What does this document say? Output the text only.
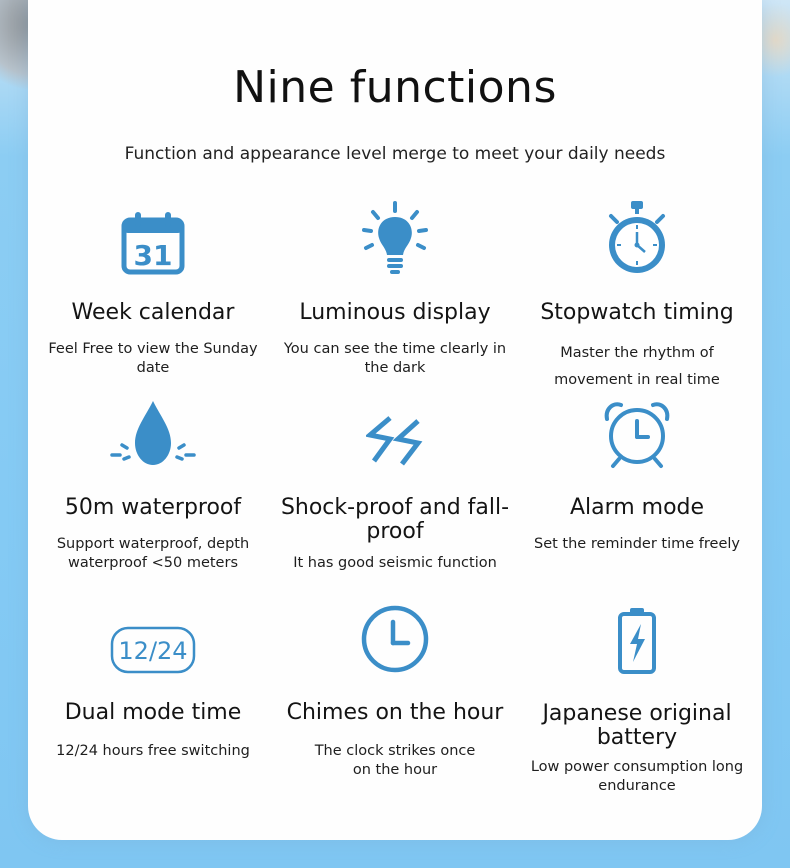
Nine functions
Function and appearance level merge to meet your daily needs
31
Week calendar
Feel Free to view the Sunday date
Luminous display
You can see the time clearly in the dark
Stopwatch timing
Master the rhythm of movement in real time
50m waterproof
Support waterproof, depth waterproof <50 meters
Shock-proof and fall-proof
It has good seismic function
Alarm mode
Set the reminder time freely
12/24
Dual mode time
12/24 hours free switching
Chimes on the hour
The clock strikes once on the hour
Japanese original battery
Low power consumption long endurance
